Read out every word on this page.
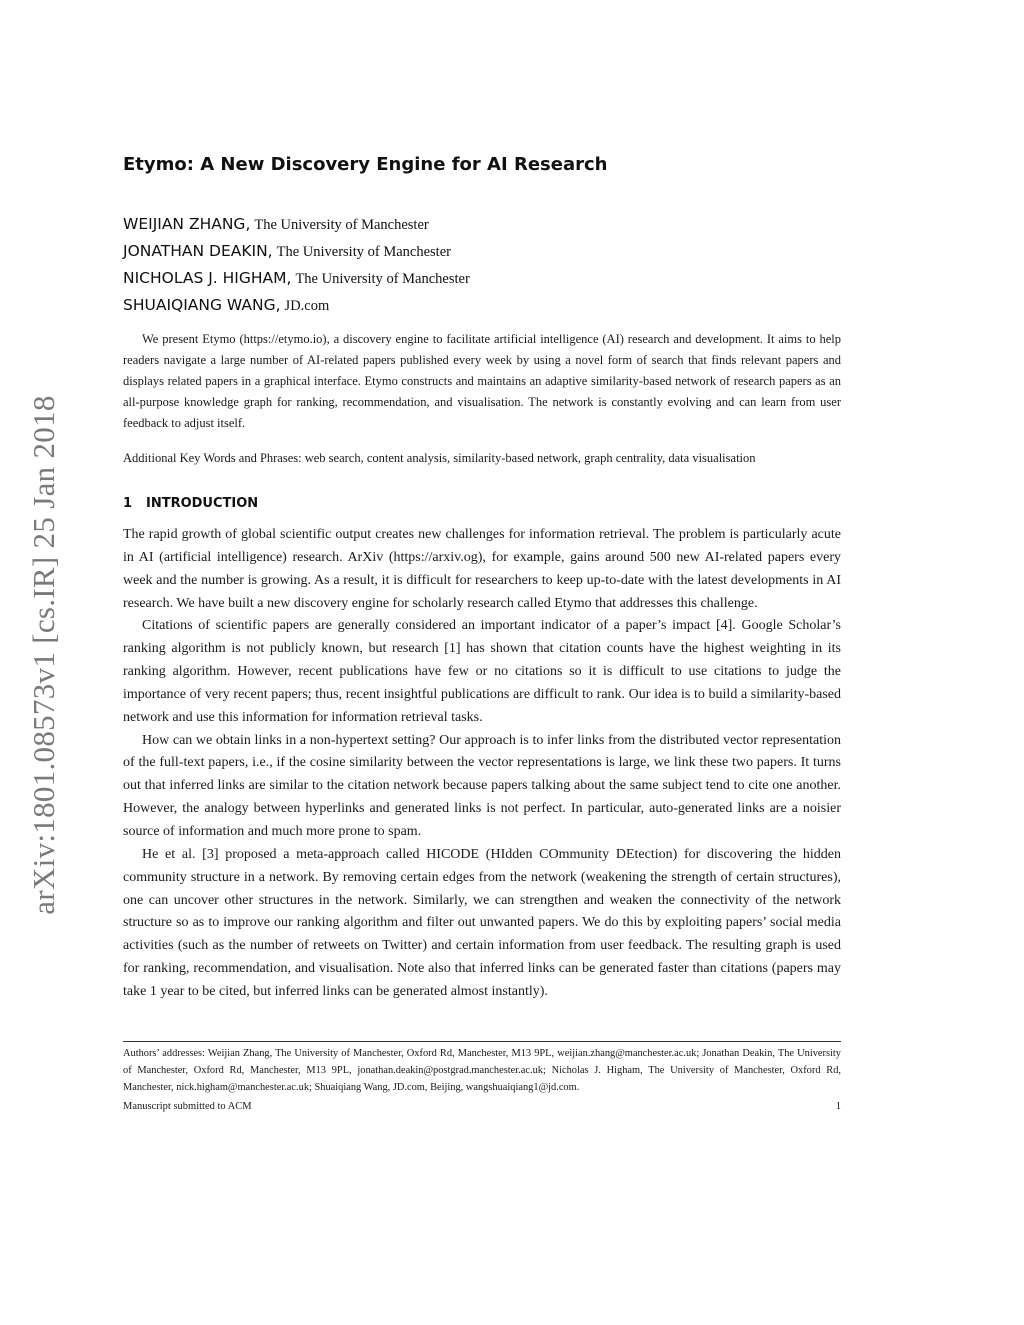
arXiv:1801.08573v1 [cs.IR] 25 Jan 2018
Etymo: A New Discovery Engine for AI Research
WEIJIAN ZHANG, The University of Manchester
JONATHAN DEAKIN, The University of Manchester
NICHOLAS J. HIGHAM, The University of Manchester
SHUAIQIANG WANG, JD.com

We present Etymo (https://etymo.io), a discovery engine to facilitate artificial intelligence (AI) research and development. It aims to help readers navigate a large number of AI-related papers published every week by using a novel form of search that finds relevant papers and displays related papers in a graphical interface. Etymo constructs and maintains an adaptive similarity-based network of research papers as an all-purpose knowledge graph for ranking, recommendation, and visualisation. The network is constantly evolving and can learn from user feedback to adjust itself.

Additional Key Words and Phrases: web search, content analysis, similarity-based network, graph centrality, data visualisation
1 INTRODUCTION

The rapid growth of global scientific output creates new challenges for information retrieval. The problem is particularly acute in AI (artificial intelligence) research. ArXiv (https://arxiv.og), for example, gains around 500 new AI-related papers every week and the number is growing. As a result, it is difficult for researchers to keep up-to-date with the latest developments in AI research. We have built a new discovery engine for scholarly research called Etymo that addresses this challenge.

Citations of scientific papers are generally considered an important indicator of a paper’s impact [4]. Google Scholar’s ranking algorithm is not publicly known, but research [1] has shown that citation counts have the highest weighting in its ranking algorithm. However, recent publications have few or no citations so it is difficult to use citations to judge the importance of very recent papers; thus, recent insightful publications are difficult to rank. Our idea is to build a similarity-based network and use this information for information retrieval tasks.

How can we obtain links in a non-hypertext setting? Our approach is to infer links from the distributed vector representation of the full-text papers, i.e., if the cosine similarity between the vector representations is large, we link these two papers. It turns out that inferred links are similar to the citation network because papers talking about the same subject tend to cite one another. However, the analogy between hyperlinks and generated links is not perfect. In particular, auto-generated links are a noisier source of information and much more prone to spam.

He et al. [3] proposed a meta-approach called HICODE (HIdden COmmunity DEtection) for discovering the hidden community structure in a network. By removing certain edges from the network (weakening the strength of certain structures), one can uncover other structures in the network. Similarly, we can strengthen and weaken the connectivity of the network structure so as to improve our ranking algorithm and filter out unwanted papers. We do this by exploiting papers’ social media activities (such as the number of retweets on Twitter) and certain information from user feedback. The resulting graph is used for ranking, recommendation, and visualisation. Note also that inferred links can be generated faster than citations (papers may take 1 year to be cited, but inferred links can be generated almost instantly).

Authors’ addresses: Weijian Zhang, The University of Manchester, Oxford Rd, Manchester, M13 9PL, weijian.zhang@manchester.ac.uk; Jonathan Deakin, The University of Manchester, Oxford Rd, Manchester, M13 9PL, jonathan.deakin@postgrad.manchester.ac.uk; Nicholas J. Higham, The University of Manchester, Oxford Rd, Manchester, nick.higham@manchester.ac.uk; Shuaiqiang Wang, JD.com, Beijing, wangshuaiqiang1@jd.com.

Manuscript submitted to ACM	1
